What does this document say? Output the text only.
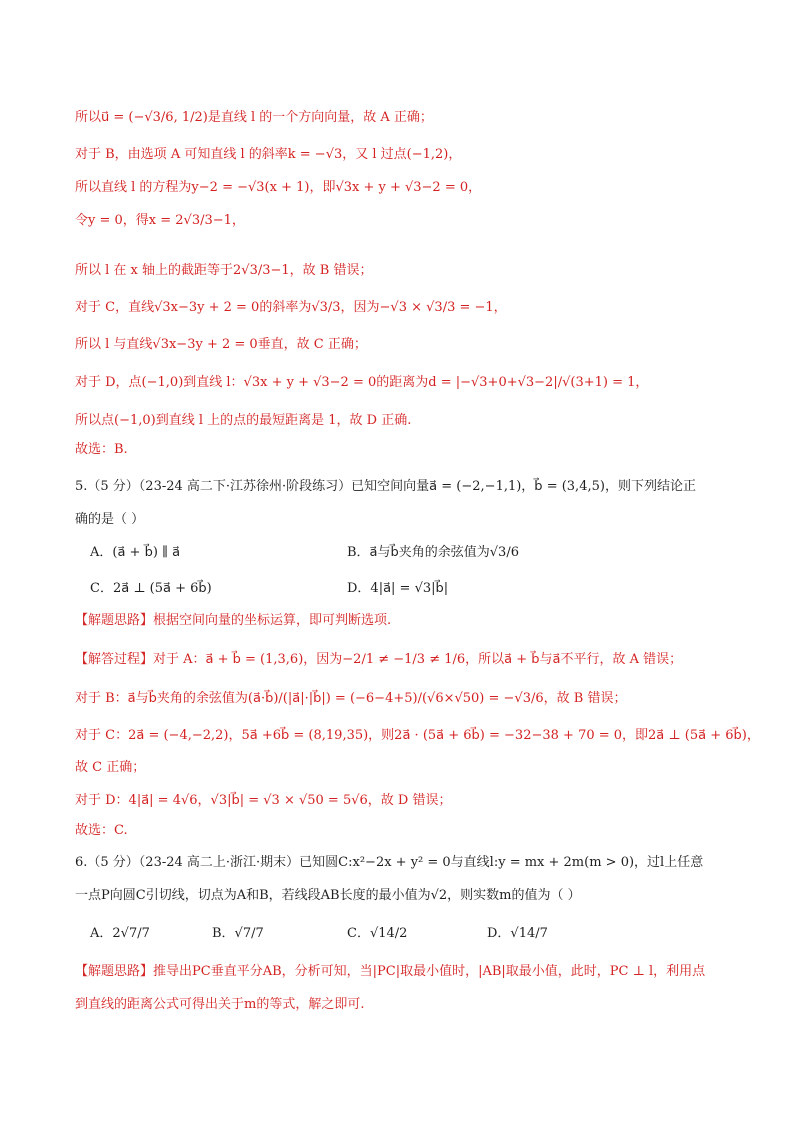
所以u⃗ = (−√3/6, 1/2)是直线 l 的一个方向向量，故 A 正确；
对于 B，由选项 A 可知直线 l 的斜率k = −√3，又 l 过点(−1,2)，
所以直线 l 的方程为y−2 = −√3(x + 1)，即√3x + y + √3−2 = 0，
令y = 0，得x = 2√3/3−1，
所以 l 在 x 轴上的截距等于2√3/3−1，故 B 错误；
对于 C，直线√3x−3y + 2 = 0的斜率为√3/3，因为−√3 × √3/3 = −1，
所以 l 与直线√3x−3y + 2 = 0垂直，故 C 正确；
对于 D，点(−1,0)到直线 l：√3x + y + √3−2 = 0的距离为d = |−√3+0+√3−2|/√(3+1) = 1，
所以点(−1,0)到直线 l 上的点的最短距离是 1，故 D 正确.
故选：B.
5.（5 分）（23-24 高二下·江苏徐州·阶段练习）已知空间向量a⃗ = (−2,−1,1)，b⃗ = (3,4,5)，则下列结论正
确的是（ ）
A．(a⃗ + b⃗) ∥ a⃗	B．a⃗与b⃗夹角的余弦值为√3/6
C．2a⃗ ⊥ (5a⃗ + 6b⃗)	D．4|a⃗| = √3|b⃗|
【解题思路】根据空间向量的坐标运算，即可判断选项.
【解答过程】对于 A：a⃗ + b⃗ = (1,3,6)，因为−2/1 ≠ −1/3 ≠ 1/6，所以a⃗ + b⃗与a⃗不平行，故 A 错误；
对于 B：a⃗与b⃗夹角的余弦值为(a⃗·b⃗)/(|a⃗|·|b⃗|) = (−6−4+5)/(√6×√50) = −√3/6，故 B 错误；
对于 C：2a⃗ = (−4,−2,2)，5a⃗ +6b⃗ = (8,19,35)，则2a⃗ · (5a⃗ + 6b⃗) = −32−38 + 70 = 0，即2a⃗ ⊥ (5a⃗ + 6b⃗)，
故 C 正确；
对于 D：4|a⃗| = 4√6，√3|b⃗| = √3 × √50 = 5√6，故 D 错误；
故选：C.
6.（5 分）（23-24 高二上·浙江·期末）已知圆C:x²−2x + y² = 0与直线l:y = mx + 2m(m > 0)，过l上任意
一点P向圆C引切线，切点为A和B，若线段AB长度的最小值为√2，则实数m的值为（ ）
A．2√7/7	B．√7/7	C．√14/2	D．√14/7
【解题思路】推导出PC垂直平分AB，分析可知，当|PC|取最小值时，|AB|取最小值，此时，PC ⊥ l，利用点
到直线的距离公式可得出关于m的等式，解之即可.
